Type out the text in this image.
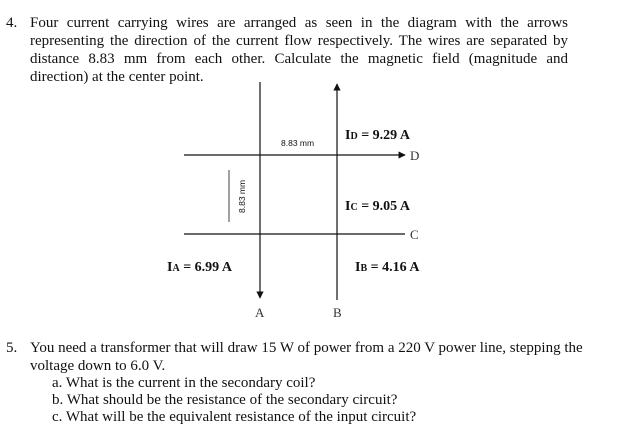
4. Four current carrying wires are arranged as seen in the diagram with the arrows representing the direction of the current flow respectively. The wires are separated by distance 8.83 mm from each other. Calculate the magnetic field (magnitude and direction) at the center point.
8.83 mm
8.83 mm ID = 9.29 A
IC = 9.05 A
IB = 4.16 A
IA = 6.99 A
D
C
A	B
5. You need a transformer that will draw 15 W of power from a 220 V power line, stepping the voltage down to 6.0 V.
a. What is the current in the secondary coil?
b. What should be the resistance of the secondary circuit?
c. What will be the equivalent resistance of the input circuit?
